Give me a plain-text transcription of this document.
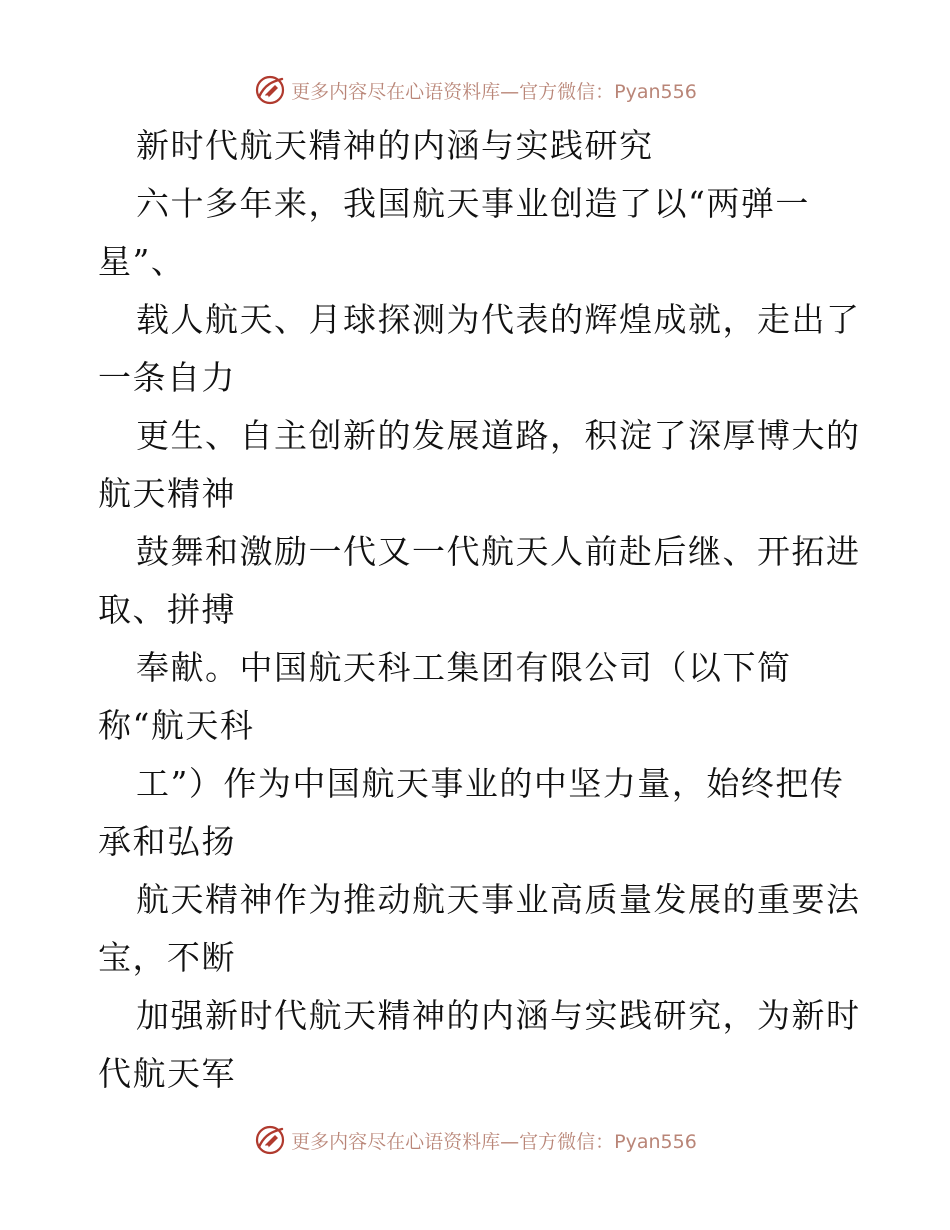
更多内容尽在心语资料库—官方微信：Pyan556
新时代航天精神的内涵与实践研究
六十多年来，我国航天事业创造了以“两弹一
星”、
载人航天、月球探测为代表的辉煌成就，走出了
一条自力
更生、自主创新的发展道路，积淀了深厚博大的
航天精神
鼓舞和激励一代又一代航天人前赴后继、开拓进
取、拼搏
奉献。中国航天科工集团有限公司（以下简
称“航天科
工”）作为中国航天事业的中坚力量，始终把传
承和弘扬
航天精神作为推动航天事业高质量发展的重要法
宝，不断
加强新时代航天精神的内涵与实践研究，为新时
代航天军
更多内容尽在心语资料库—官方微信：Pyan556
